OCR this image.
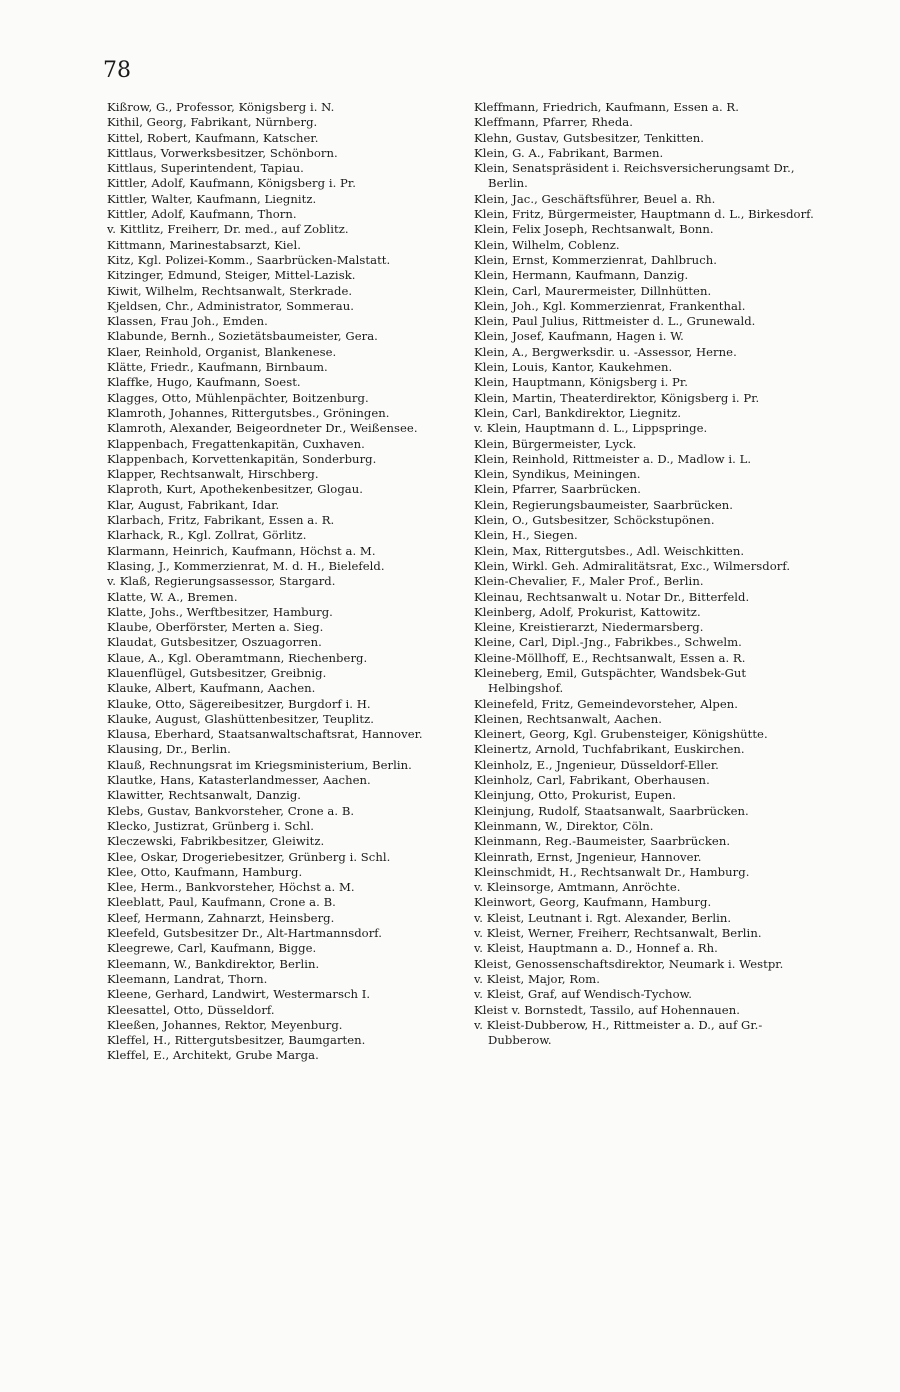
78
Kißrow, G., Professor, Königsberg i. N.
Kithil, Georg, Fabrikant, Nürnberg.
Kittel, Robert, Kaufmann, Katscher.
Kittlaus, Vorwerksbesitzer, Schönborn.
Kittlaus, Superintendent, Tapiau.
Kittler, Adolf, Kaufmann, Königsberg i. Pr.
Kittler, Walter, Kaufmann, Liegnitz.
Kittler, Adolf, Kaufmann, Thorn.
v. Kittlitz, Freiherr, Dr. med., auf Zoblitz.
Kittmann, Marinestabsarzt, Kiel.
Kitz, Kgl. Polizei-Komm., Saarbrücken-Malstatt.
Kitzinger, Edmund, Steiger, Mittel-Lazisk.
Kiwit, Wilhelm, Rechtsanwalt, Sterkrade.
Kjeldsen, Chr., Administrator, Sommerau.
Klassen, Frau Joh., Emden.
Klabunde, Bernh., Sozietätsbaumeister, Gera.
Klaer, Reinhold, Organist, Blankenese.
Klätte, Friedr., Kaufmann, Birnbaum.
Klaffke, Hugo, Kaufmann, Soest.
Klagges, Otto, Mühlenpächter, Boitzenburg.
Klamroth, Johannes, Rittergutsbes., Gröningen.
Klamroth, Alexander, Beigeordneter Dr., Weißensee.
Klappenbach, Fregattenkapitän, Cuxhaven.
Klappenbach, Korvettenkapitän, Sonderburg.
Klapper, Rechtsanwalt, Hirschberg.
Klaproth, Kurt, Apothekenbesitzer, Glogau.
Klar, August, Fabrikant, Idar.
Klarbach, Fritz, Fabrikant, Essen a. R.
Klarhack, R., Kgl. Zollrat, Görlitz.
Klarmann, Heinrich, Kaufmann, Höchst a. M.
Klasing, J., Kommerzienrat, M. d. H., Bielefeld.
v. Klaß, Regierungsassessor, Stargard.
Klatte, W. A., Bremen.
Klatte, Johs., Werftbesitzer, Hamburg.
Klaube, Oberförster, Merten a. Sieg.
Klaudat, Gutsbesitzer, Oszuagorren.
Klaue, A., Kgl. Oberamtmann, Riechenberg.
Klauenflügel, Gutsbesitzer, Greibnig.
Klauke, Albert, Kaufmann, Aachen.
Klauke, Otto, Sägereibesitzer, Burgdorf i. H.
Klauke, August, Glashüttenbesitzer, Teuplitz.
Klausa, Eberhard, Staatsanwaltschaftsrat, Hannover.
Klausing, Dr., Berlin.
Klauß, Rechnungsrat im Kriegsministerium, Berlin.
Klautke, Hans, Katasterlandmesser, Aachen.
Klawitter, Rechtsanwalt, Danzig.
Klebs, Gustav, Bankvorsteher, Crone a. B.
Klecko, Justizrat, Grünberg i. Schl.
Kleczewski, Fabrikbesitzer, Gleiwitz.
Klee, Oskar, Drogeriebesitzer, Grünberg i. Schl.
Klee, Otto, Kaufmann, Hamburg.
Klee, Herm., Bankvorsteher, Höchst a. M.
Kleeblatt, Paul, Kaufmann, Crone a. B.
Kleef, Hermann, Zahnarzt, Heinsberg.
Kleefeld, Gutsbesitzer Dr., Alt-Hartmannsdorf.
Kleegrewe, Carl, Kaufmann, Bigge.
Kleemann, W., Bankdirektor, Berlin.
Kleemann, Landrat, Thorn.
Kleene, Gerhard, Landwirt, Westermarsch I.
Kleesattel, Otto, Düsseldorf.
Kleeßen, Johannes, Rektor, Meyenburg.
Kleffel, H., Rittergutsbesitzer, Baumgarten.
Kleffel, E., Architekt, Grube Marga.
Kleffmann, Friedrich, Kaufmann, Essen a. R.
Kleffmann, Pfarrer, Rheda.
Klehn, Gustav, Gutsbesitzer, Tenkitten.
Klein, G. A., Fabrikant, Barmen.
Klein, Senatspräsident i. Reichsversicherungsamt Dr., Berlin.
Klein, Jac., Geschäftsführer, Beuel a. Rh.
Klein, Fritz, Bürgermeister, Hauptmann d. L., Birkesdorf.
Klein, Felix Joseph, Rechtsanwalt, Bonn.
Klein, Wilhelm, Coblenz.
Klein, Ernst, Kommerzienrat, Dahlbruch.
Klein, Hermann, Kaufmann, Danzig.
Klein, Carl, Maurermeister, Dillnhütten.
Klein, Joh., Kgl. Kommerzienrat, Frankenthal.
Klein, Paul Julius, Rittmeister d. L., Grunewald.
Klein, Josef, Kaufmann, Hagen i. W.
Klein, A., Bergwerksdir. u. -Assessor, Herne.
Klein, Louis, Kantor, Kaukehmen.
Klein, Hauptmann, Königsberg i. Pr.
Klein, Martin, Theaterdirektor, Königsberg i. Pr.
Klein, Carl, Bankdirektor, Liegnitz.
v. Klein, Hauptmann d. L., Lippspringe.
Klein, Bürgermeister, Lyck.
Klein, Reinhold, Rittmeister a. D., Madlow i. L.
Klein, Syndikus, Meiningen.
Klein, Pfarrer, Saarbrücken.
Klein, Regierungsbaumeister, Saarbrücken.
Klein, O., Gutsbesitzer, Schöckstupönen.
Klein, H., Siegen.
Klein, Max, Rittergutsbes., Adl. Weischkitten.
Klein, Wirkl. Geh. Admiralitätsrat, Exc., Wilmersdorf.
Klein-Chevalier, F., Maler Prof., Berlin.
Kleinau, Rechtsanwalt u. Notar Dr., Bitterfeld.
Kleinberg, Adolf, Prokurist, Kattowitz.
Kleine, Kreistierarzt, Niedermarsberg.
Kleine, Carl, Dipl.-Jng., Fabrikbes., Schwelm.
Kleine-Möllhoff, E., Rechtsanwalt, Essen a. R.
Kleineberg, Emil, Gutspächter, Wandsbek-Gut Helbingshof.
Kleinefeld, Fritz, Gemeindevorsteher, Alpen.
Kleinen, Rechtsanwalt, Aachen.
Kleinert, Georg, Kgl. Grubensteiger, Königshütte.
Kleinertz, Arnold, Tuchfabrikant, Euskirchen.
Kleinholz, E., Jngenieur, Düsseldorf-Eller.
Kleinholz, Carl, Fabrikant, Oberhausen.
Kleinjung, Otto, Prokurist, Eupen.
Kleinjung, Rudolf, Staatsanwalt, Saarbrücken.
Kleinmann, W., Direktor, Cöln.
Kleinmann, Reg.-Baumeister, Saarbrücken.
Kleinrath, Ernst, Jngenieur, Hannover.
Kleinschmidt, H., Rechtsanwalt Dr., Hamburg.
v. Kleinsorge, Amtmann, Anröchte.
Kleinwort, Georg, Kaufmann, Hamburg.
v. Kleist, Leutnant i. Rgt. Alexander, Berlin.
v. Kleist, Werner, Freiherr, Rechtsanwalt, Berlin.
v. Kleist, Hauptmann a. D., Honnef a. Rh.
Kleist, Genossenschaftsdirektor, Neumark i. Westpr.
v. Kleist, Major, Rom.
v. Kleist, Graf, auf Wendisch-Tychow.
Kleist v. Bornstedt, Tassilo, auf Hohennauen.
v. Kleist-Dubberow, H., Rittmeister a. D., auf Gr.-Dubberow.
